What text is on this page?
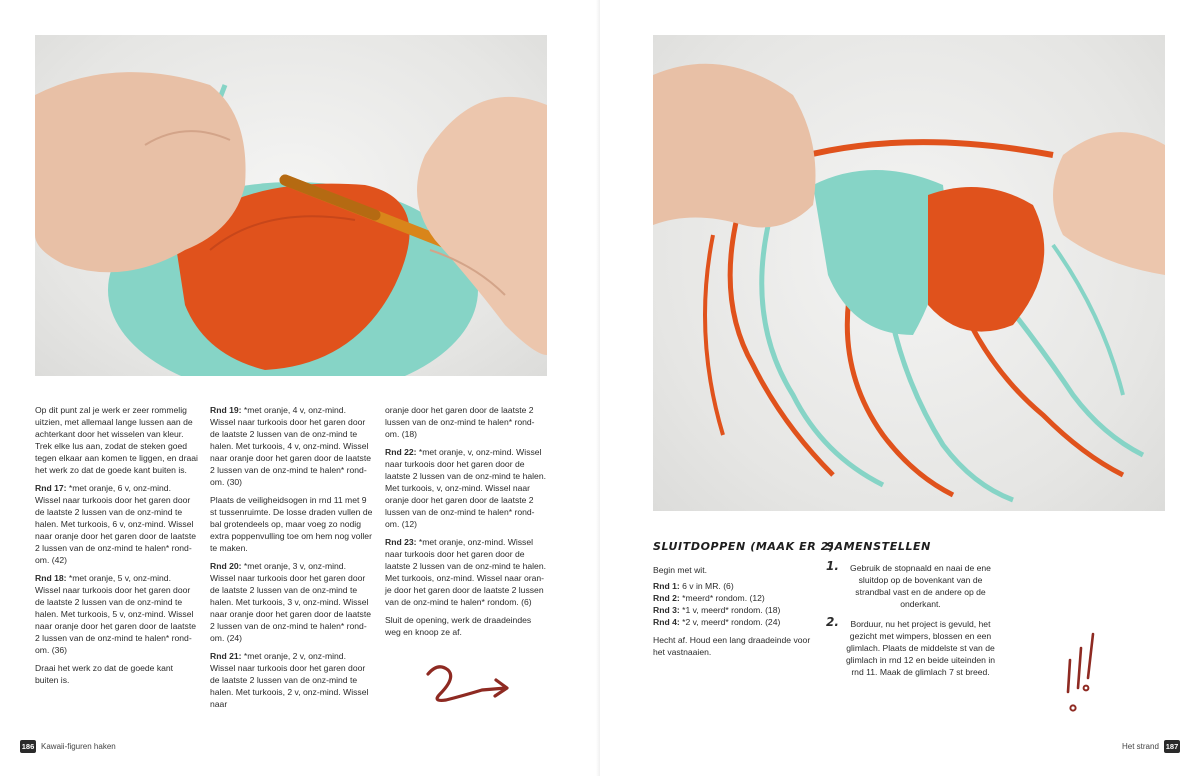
Op dit punt zal je werk er zeer rommelig uitzien, met allemaal lange lussen aan de achterkant door het wisselen van kleur. Trek elke lus aan, zodat de steken goed tegen elkaar aan komen te liggen, en draai het werk zo dat de goede kant buiten is.

Rnd 17: *met oranje, 6 v, onz-mind. Wissel naar turkoois door het garen door de laatste 2 lussen van de onz-mind te halen. Met turkoois, 6 v, onz-mind. Wissel naar oranje door het garen door de laatste 2 lussen van de onz-mind te halen* rond-om. (42)

Rnd 18: *met oranje, 5 v, onz-mind. Wissel naar turkoois door het garen door de laatste 2 lussen van de onz-mind te halen. Met turkoois, 5 v, onz-mind. Wissel naar oranje door het garen door de laatste 2 lussen van de onz-mind te halen* rond-om. (36)

Draai het werk zo dat de goede kant buiten is.

Rnd 19: *met oranje, 4 v, onz-mind. Wissel naar turkoois door het garen door de laatste 2 lussen van de onz-mind te halen. Met turkoois, 4 v, onz-mind. Wissel naar oranje door het garen door de laatste 2 lussen van de onz-mind te halen* rond-om. (30)

Plaats de veiligheidsogen in rnd 11 met 9 st tussenruimte. De losse draden vullen de bal grotendeels op, maar voeg zo nodig extra poppenvulling toe om hem nog voller te maken.

Rnd 20: *met oranje, 3 v, onz-mind. Wissel naar turkoois door het garen door de laatste 2 lussen van de onz-mind te halen. Met turkoois, 3 v, onz-mind. Wissel naar oranje door het garen door de laatste 2 lussen van de onz-mind te halen* rond-om. (24)

Rnd 21: *met oranje, 2 v, onz-mind. Wissel naar turkoois door het garen door de laatste 2 lussen van de onz-mind te halen. Met turkoois, 2 v, onz-mind. Wissel naar

oranje door het garen door de laatste 2 lussen van de onz-mind te halen* rond-om. (18)

Rnd 22: *met oranje, v, onz-mind. Wissel naar turkoois door het garen door de laatste 2 lussen van de onz-mind te halen. Met turkoois, v, onz-mind. Wissel naar oranje door het garen door de laatste 2 lussen van de onz-mind te halen* rond-om. (12)

Rnd 23: *met oranje, onz-mind. Wissel naar turkoois door het garen door de laatste 2 lussen van de onz-mind te halen. Met turkoois, onz-mind. Wissel naar oran-je door het garen door de laatste 2 lussen van de onz-mind te halen* rondom. (6)

Sluit de opening, werk de draadeindes weg en knoop ze af.

186 Kawaii-figuren haken
SLUITDOPPEN (MAAK ER 2)
SAMENSTELLEN

Begin met wit.

Rnd 1: 6 v in MR. (6)
Rnd 2: *meerd* rondom. (12)
Rnd 3: *1 v, meerd* rondom. (18)
Rnd 4: *2 v, meerd* rondom. (24)

Hecht af. Houd een lang draadeinde voor het vastnaaien.

1.	Gebruik de stopnaald en naai de ene sluitdop op de bovenkant van de strandbal vast en de andere op de onderkant.
2.	Borduur, nu het project is gevuld, het gezicht met wimpers, blossen en een glimlach. Plaats de middelste st van de glimlach in rnd 12 en beide uiteinden in rnd 11. Maak de glimlach 7 st breed.
Het strand 187
